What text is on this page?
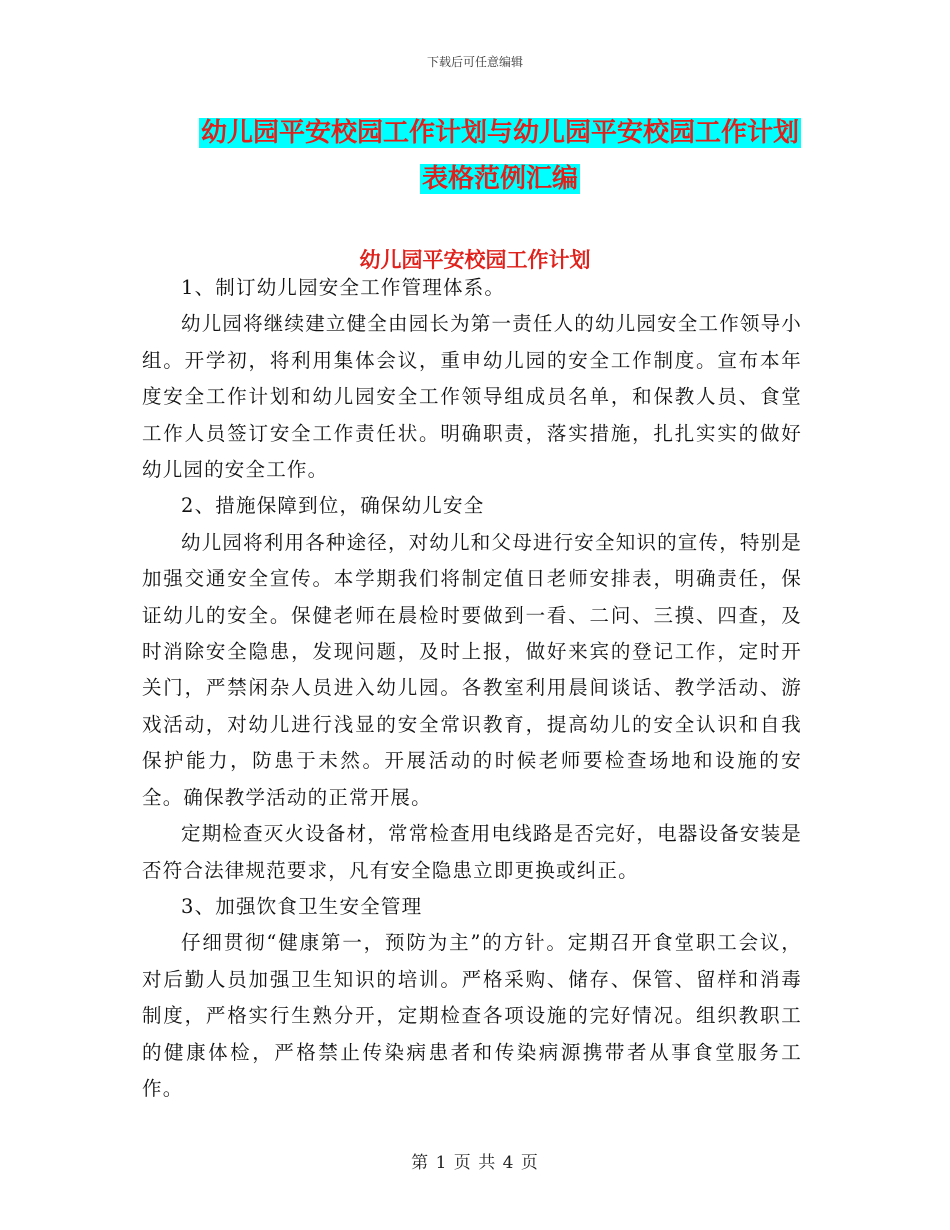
下载后可任意编辑
幼儿园平安校园工作计划与幼儿园平安校园工作计划
表格范例汇编
幼儿园平安校园工作计划

1、制订幼儿园安全工作管理体系。

幼儿园将继续建立健全由园长为第一责任人的幼儿园安全工作领导小组。开学初，将利用集体会议，重申幼儿园的安全工作制度。宣布本年度安全工作计划和幼儿园安全工作领导组成员名单，和保教人员、食堂工作人员签订安全工作责任状。明确职责，落实措施，扎扎实实的做好幼儿园的安全工作。

2、措施保障到位，确保幼儿安全

幼儿园将利用各种途径，对幼儿和父母进行安全知识的宣传，特别是加强交通安全宣传。本学期我们将制定值日老师安排表，明确责任，保证幼儿的安全。保健老师在晨检时要做到一看、二问、三摸、四查，及时消除安全隐患，发现问题，及时上报，做好来宾的登记工作，定时开关门，严禁闲杂人员进入幼儿园。各教室利用晨间谈话、教学活动、游戏活动，对幼儿进行浅显的安全常识教育，提高幼儿的安全认识和自我保护能力，防患于未然。开展活动的时候老师要检查场地和设施的安全。确保教学活动的正常开展。

定期检查灭火设备材，常常检查用电线路是否完好，电器设备安装是否符合法律规范要求，凡有安全隐患立即更换或纠正。

3、加强饮食卫生安全管理

仔细贯彻“健康第一，预防为主”的方针。定期召开食堂职工会议，对后勤人员加强卫生知识的培训。严格采购、储存、保管、留样和消毒制度，严格实行生熟分开，定期检查各项设施的完好情况。组织教职工的健康体检，严格禁止传染病患者和传染病源携带者从事食堂服务工作。

第 1 页 共 4 页
